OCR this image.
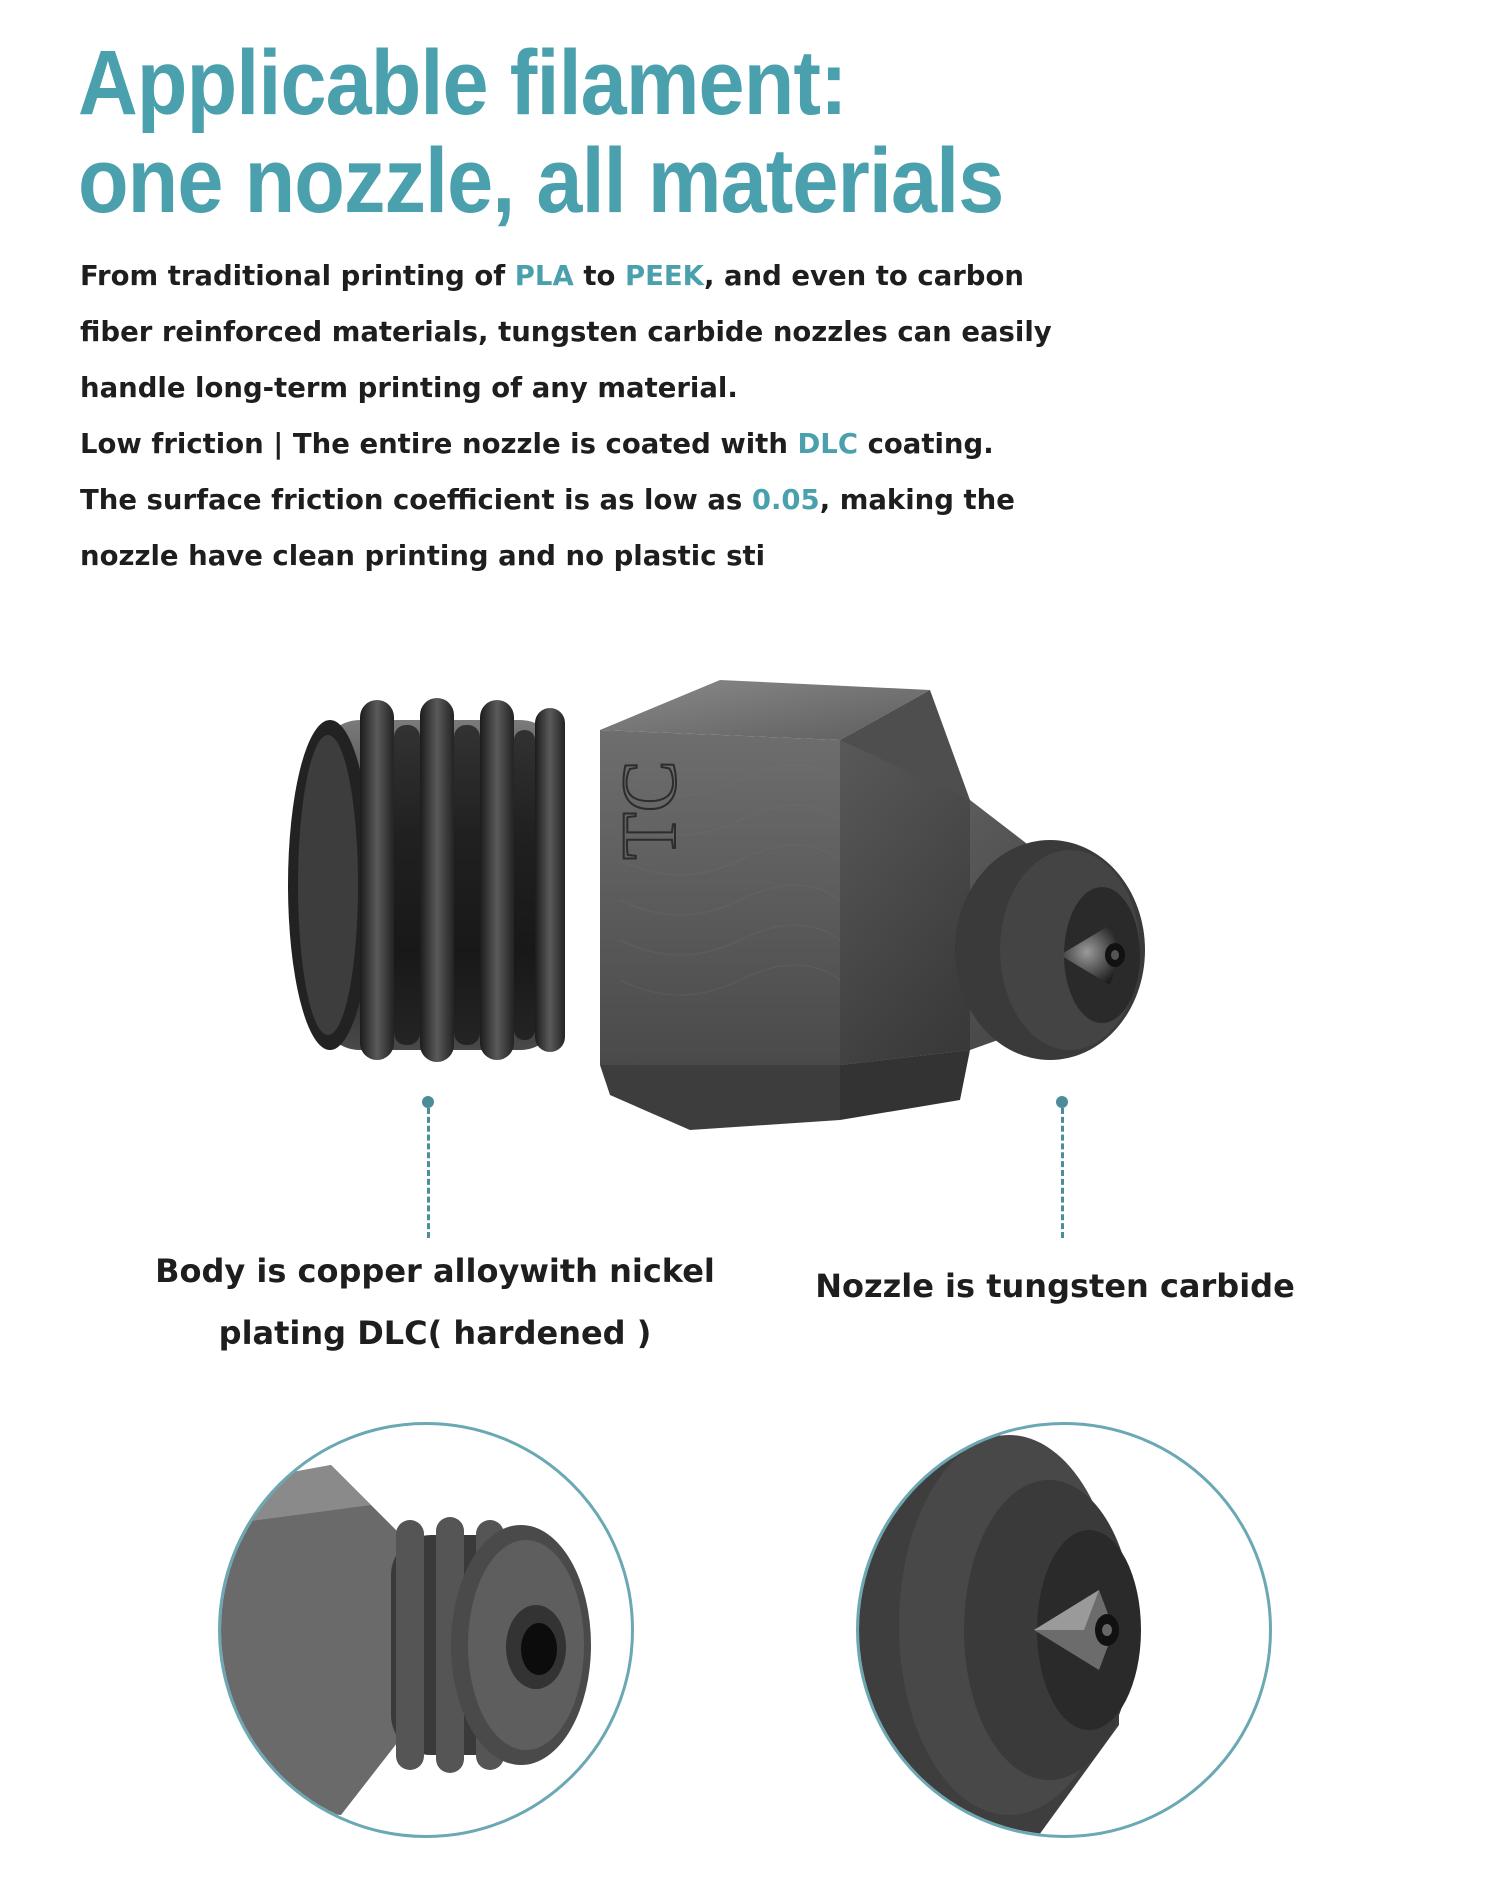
Applicable filament:
one nozzle, all materials

From traditional printing of PLA to PEEK, and even to carbon

fiber reinforced materials, tungsten carbide nozzles can easily

handle long-term printing of any material.

Low friction | The entire nozzle is coated with DLC coating.

The surface friction coefficient is as low as 0.05, making the

nozzle have clean printing and no plastic sti

TC
Body is copper alloywith nickel
plating DLC( hardened )
Nozzle is tungsten carbide
